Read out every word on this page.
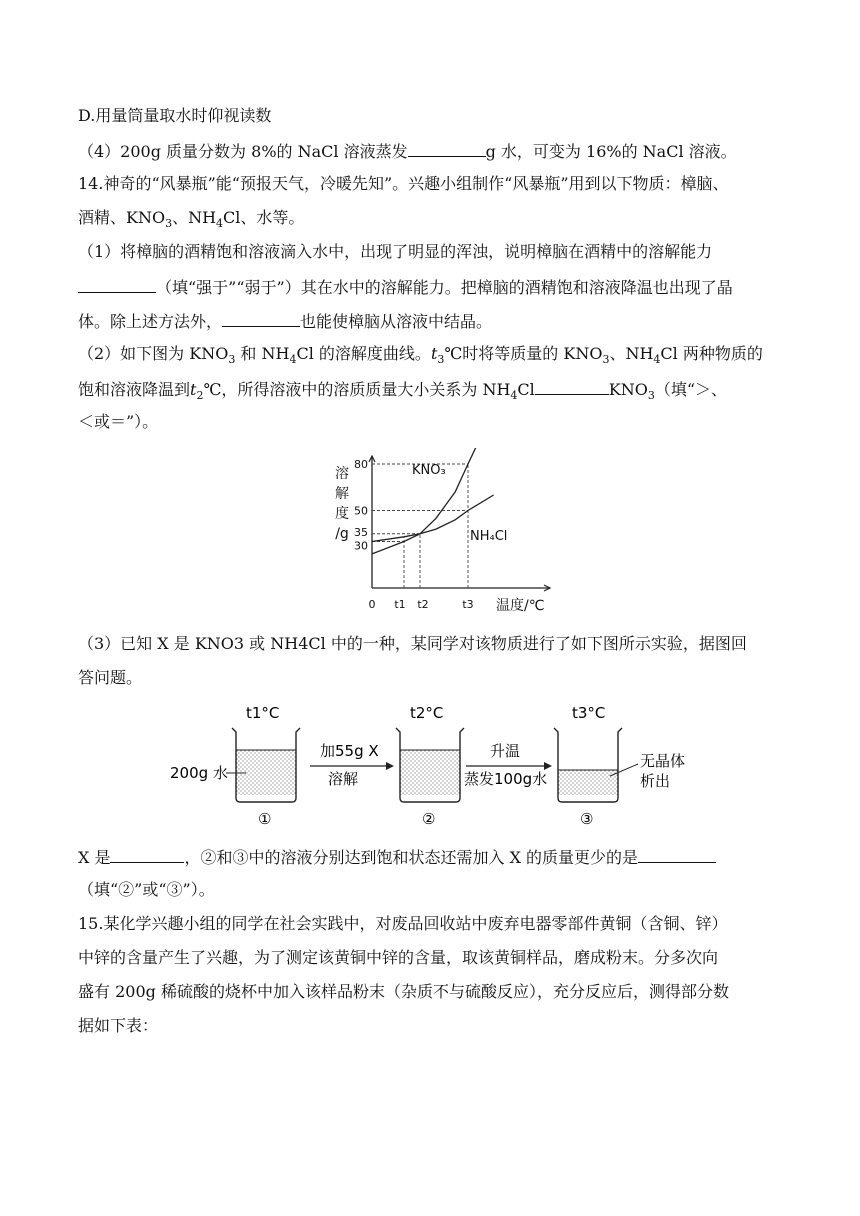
D.用量筒量取水时仰视读数
（4）200g 质量分数为 8%的 NaCl 溶液蒸发	g 水，可变为 16%的 NaCl 溶液。
14.神奇的“风暴瓶”能“预报天气，冷暖先知”。兴趣小组制作“风暴瓶”用到以下物质：樟脑、
酒精、$KNO_3$、$NH_4Cl$、水等。
（1）将樟脑的酒精饱和溶液滴入水中，出现了明显的浑浊，说明樟脑在酒精中的溶解能力
（填“强于”“弱于”）其在水中的溶解能力。把樟脑的酒精饱和溶液降温也出现了晶
体。除上述方法外，	也能使樟脑从溶液中结晶。
（2）如下图为 $KNO_3$ 和 $NH_4Cl$ 的溶解度曲线。$t_3℃$时将等质量的 $KNO_3$、$NH_4Cl$ 两种物质的
饱和溶液降温到$t_2℃$，所得溶液中的溶质质量大小关系为 $NH_4Cl$	$KNO_3$（填“＞、
＜或＝”）。
80
50
35
30
t1 t2	t3
0	温度/℃
溶
解
度
/g
KNO₃
NH₄Cl
（3）已知 X 是 KNO3 或 NH4Cl 中的一种，某同学对该物质进行了如下图所示实验，据图回
答问题。
t1°C
200g 水
加55g X
溶解
t2°C
升温
蒸发100g水
t3°C
无晶体
析出
①	②	③
X 是	，②和③中的溶液分别达到饱和状态还需加入 X 的质量更少的是
（填“②”或“③”）。
15.某化学兴趣小组的同学在社会实践中，对废品回收站中废弃电器零部件黄铜（含铜、锌）
中锌的含量产生了兴趣，为了测定该黄铜中锌的含量，取该黄铜样品，磨成粉末。分多次向
盛有 200g 稀硫酸的烧杯中加入该样品粉末（杂质不与硫酸反应），充分反应后，测得部分数
据如下表：
